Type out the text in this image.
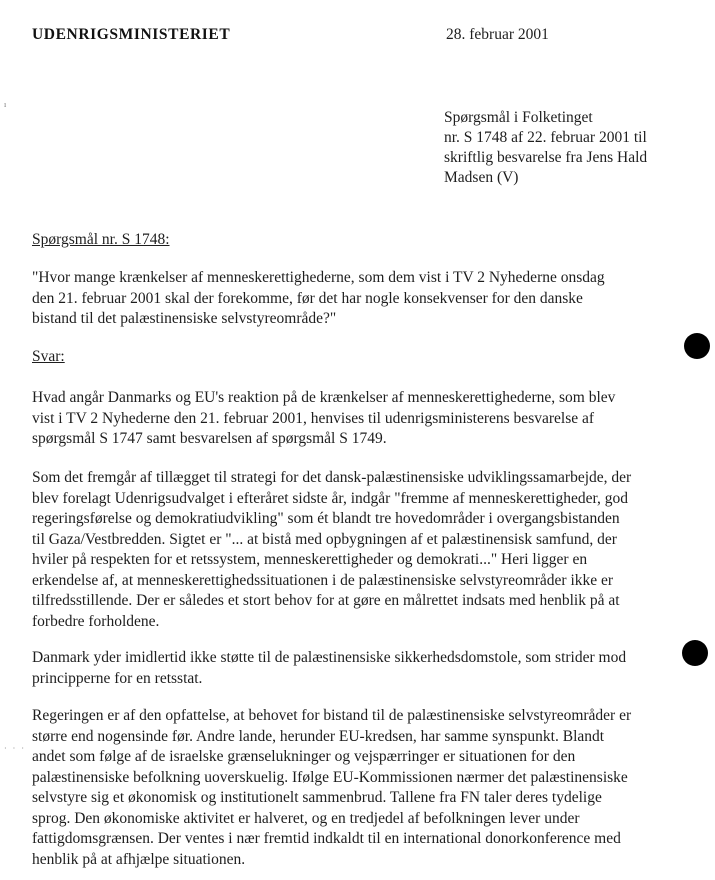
UDENRIGSMINISTERIET	28. februar 2001
ı
Spørgsmål i Folketinget
nr. S 1748 af 22. februar 2001 til
skriftlig besvarelse fra Jens Hald
Madsen (V)
Spørgsmål nr. S 1748:
"Hvor mange krænkelser af menneskerettighederne, som dem vist i TV 2 Nyhederne onsdag
den 21. februar 2001 skal der forekomme, før det har nogle konsekvenser for den danske
bistand til det palæstinensiske selvstyreområde?"
Svar:
Hvad angår Danmarks og EU's reaktion på de krænkelser af menneskerettighederne, som blev
vist i TV 2 Nyhederne den 21. februar 2001, henvises til udenrigsministerens besvarelse af
spørgsmål S 1747 samt besvarelsen af spørgsmål S 1749.
Som det fremgår af tillægget til strategi for det dansk-palæstinensiske udviklingssamarbejde, der
blev forelagt Udenrigsudvalget i efteråret sidste år, indgår "fremme af menneskerettigheder, god
regeringsførelse og demokratiudvikling" som ét blandt tre hovedområder i overgangsbistanden
til Gaza/Vestbredden. Sigtet er "... at bistå med opbygningen af et palæstinensisk samfund, der
hviler på respekten for et retssystem, menneskerettigheder og demokrati..." Heri ligger en
erkendelse af, at menneskerettighedssituationen i de palæstinensiske selvstyreområder ikke er
tilfredsstillende. Der er således et stort behov for at gøre en målrettet indsats med henblik på at
forbedre forholdene.
Danmark yder imidlertid ikke støtte til de palæstinensiske sikkerhedsdomstole, som strider mod
principperne for en retsstat.
Regeringen er af den opfattelse, at behovet for bistand til de palæstinensiske selvstyreområder er
større end nogensinde før. Andre lande, herunder EU-kredsen, har samme synspunkt. Blandt
andet som følge af de israelske grænselukninger og vejspærringer er situationen for den
palæstinensiske befolkning uoverskuelig. Ifølge EU-Kommissionen nærmer det palæstinensiske
selvstyre sig et økonomisk og institutionelt sammenbrud. Tallene fra FN taler deres tydelige
sprog. Den økonomiske aktivitet er halveret, og en tredjedel af befolkningen lever under
fattigdomsgrænsen. Der ventes i nær fremtid indkaldt til en international donorkonference med
henblik på at afhjælpe situationen.
· · ·
